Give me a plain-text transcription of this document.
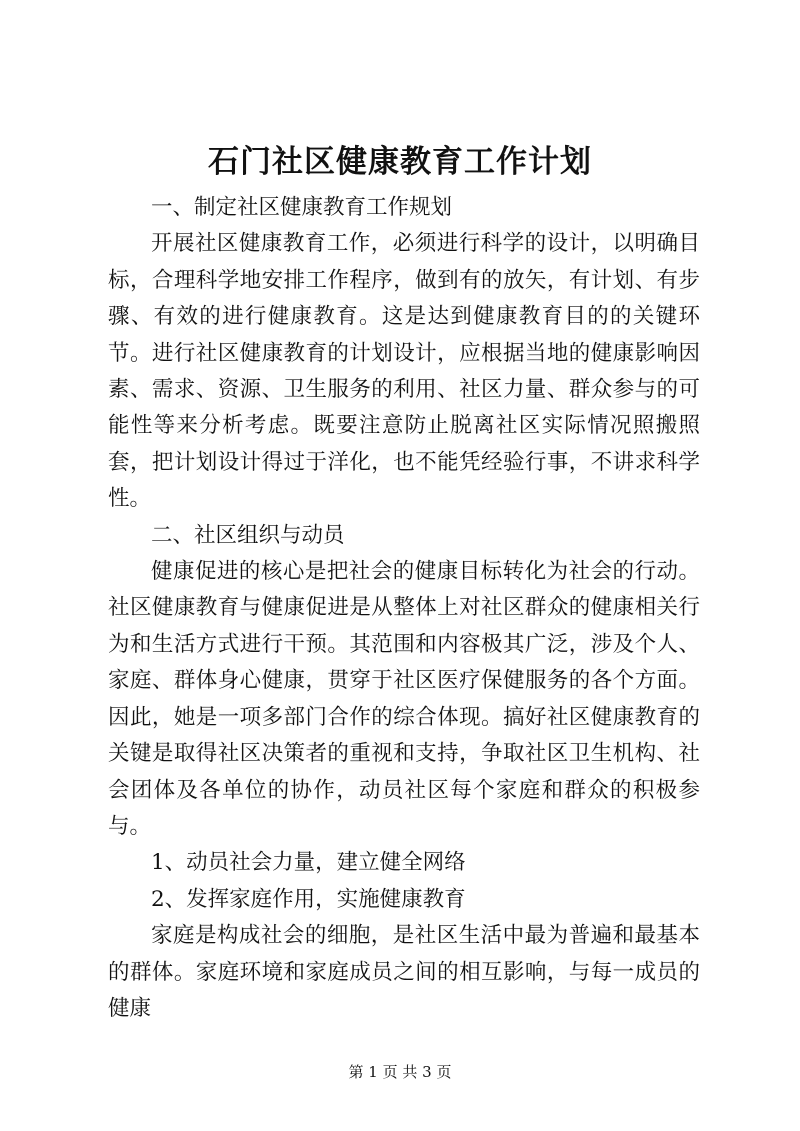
石门社区健康教育工作计划

一、制定社区健康教育工作规划

开展社区健康教育工作，必须进行科学的设计，以明确目标，合理科学地安排工作程序，做到有的放矢，有计划、有步骤、有效的进行健康教育。这是达到健康教育目的的关键环节。进行社区健康教育的计划设计，应根据当地的健康影响因素、需求、资源、卫生服务的利用、社区力量、群众参与的可能性等来分析考虑。既要注意防止脱离社区实际情况照搬照套，把计划设计得过于洋化，也不能凭经验行事，不讲求科学性。

二、社区组织与动员

健康促进的核心是把社会的健康目标转化为社会的行动。社区健康教育与健康促进是从整体上对社区群众的健康相关行为和生活方式进行干预。其范围和内容极其广泛，涉及个人、家庭、群体身心健康，贯穿于社区医疗保健服务的各个方面。因此，她是一项多部门合作的综合体现。搞好社区健康教育的关键是取得社区决策者的重视和支持，争取社区卫生机构、社会团体及各单位的协作，动员社区每个家庭和群众的积极参与。

1、动员社会力量，建立健全网络

2、发挥家庭作用，实施健康教育

家庭是构成社会的细胞，是社区生活中最为普遍和最基本的群体。家庭环境和家庭成员之间的相互影响，与每一成员的健康

第 1 页 共 3 页
